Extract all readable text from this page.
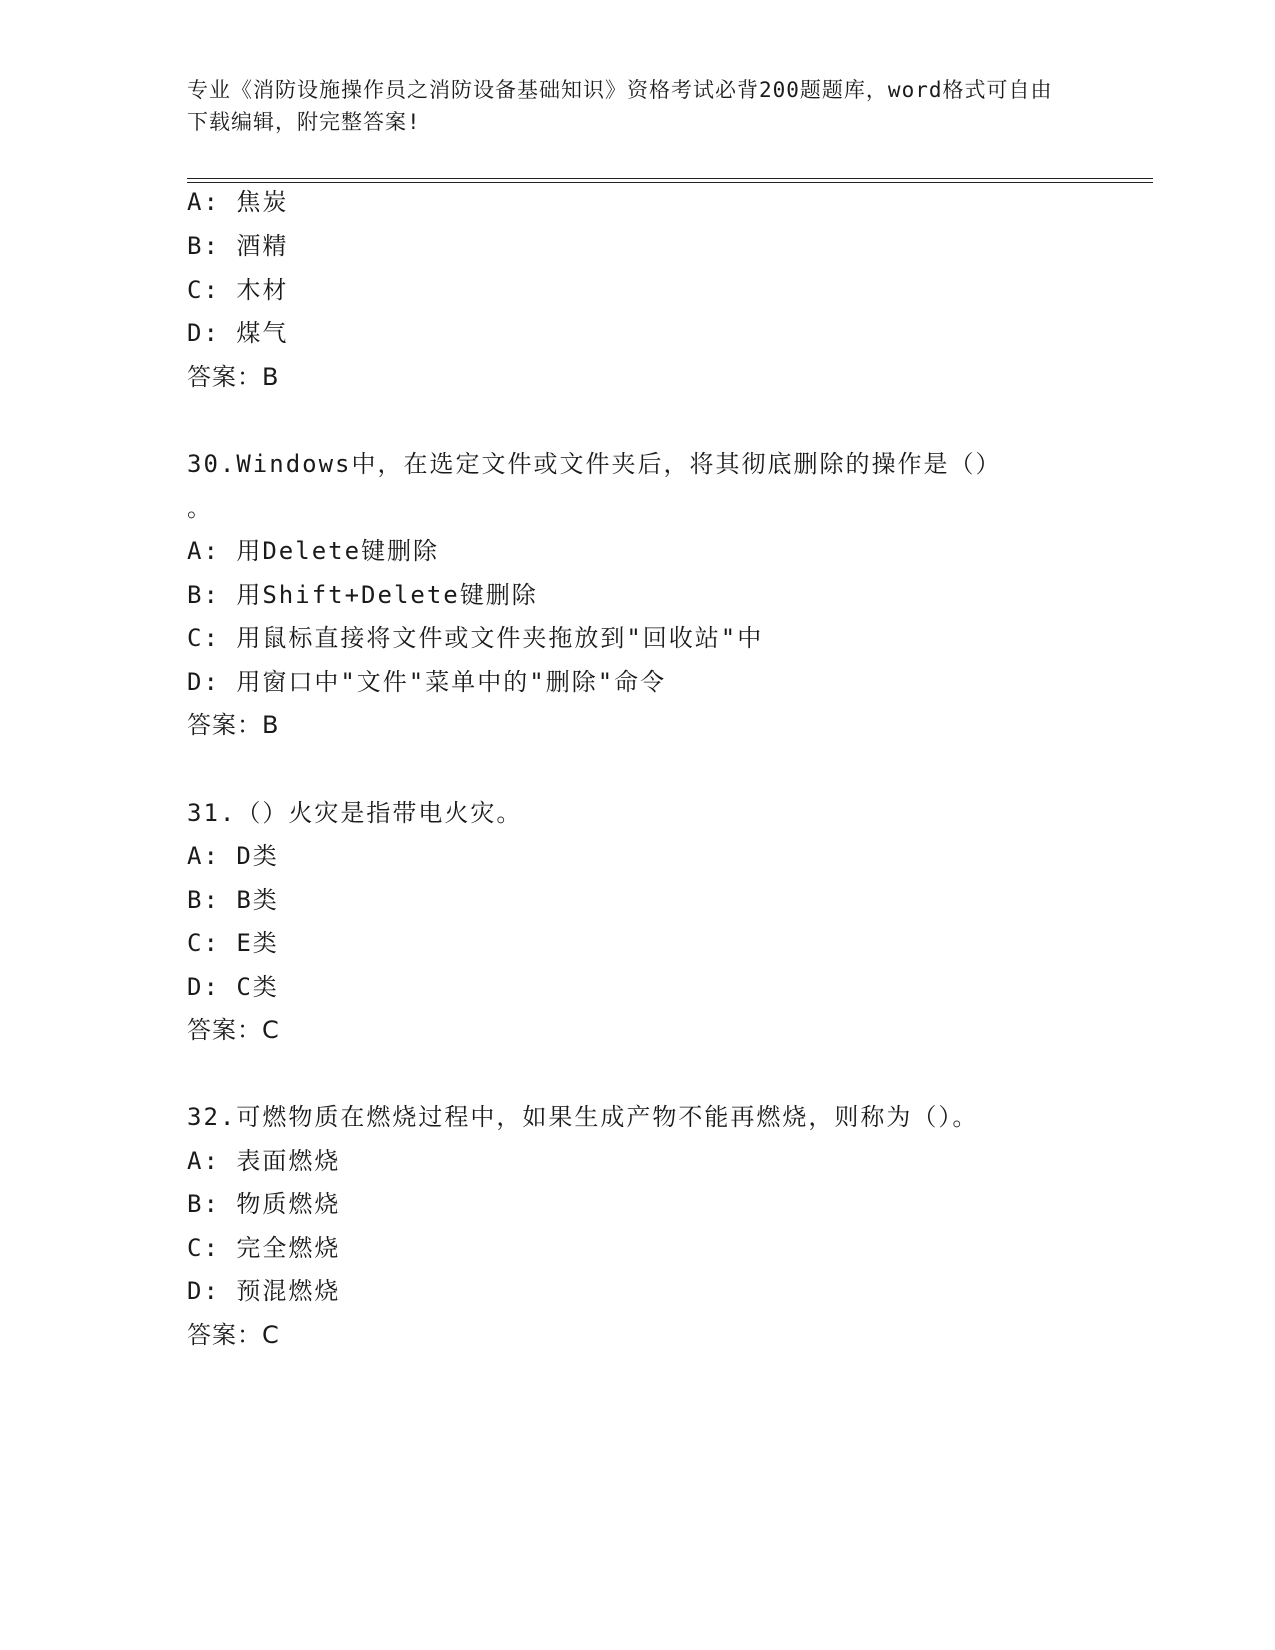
专业《消防设施操作员之消防设备基础知识》资格考试必背200题题库，word格式可自由下载编辑，附完整答案!
A: 焦炭
B: 酒精
C: 木材
D: 煤气
答案：B
30.Windows中，在选定文件或文件夹后，将其彻底删除的操作是（）
。
A: 用Delete键删除
B: 用Shift+Delete键删除
C: 用鼠标直接将文件或文件夹拖放到"回收站"中
D: 用窗口中"文件"菜单中的"删除"命令
答案：B
31.（）火灾是指带电火灾。
A: D类
B: B类
C: E类
D: C类
答案：C
32.可燃物质在燃烧过程中，如果生成产物不能再燃烧，则称为（）。
A: 表面燃烧
B: 物质燃烧
C: 完全燃烧
D: 预混燃烧
答案：C
